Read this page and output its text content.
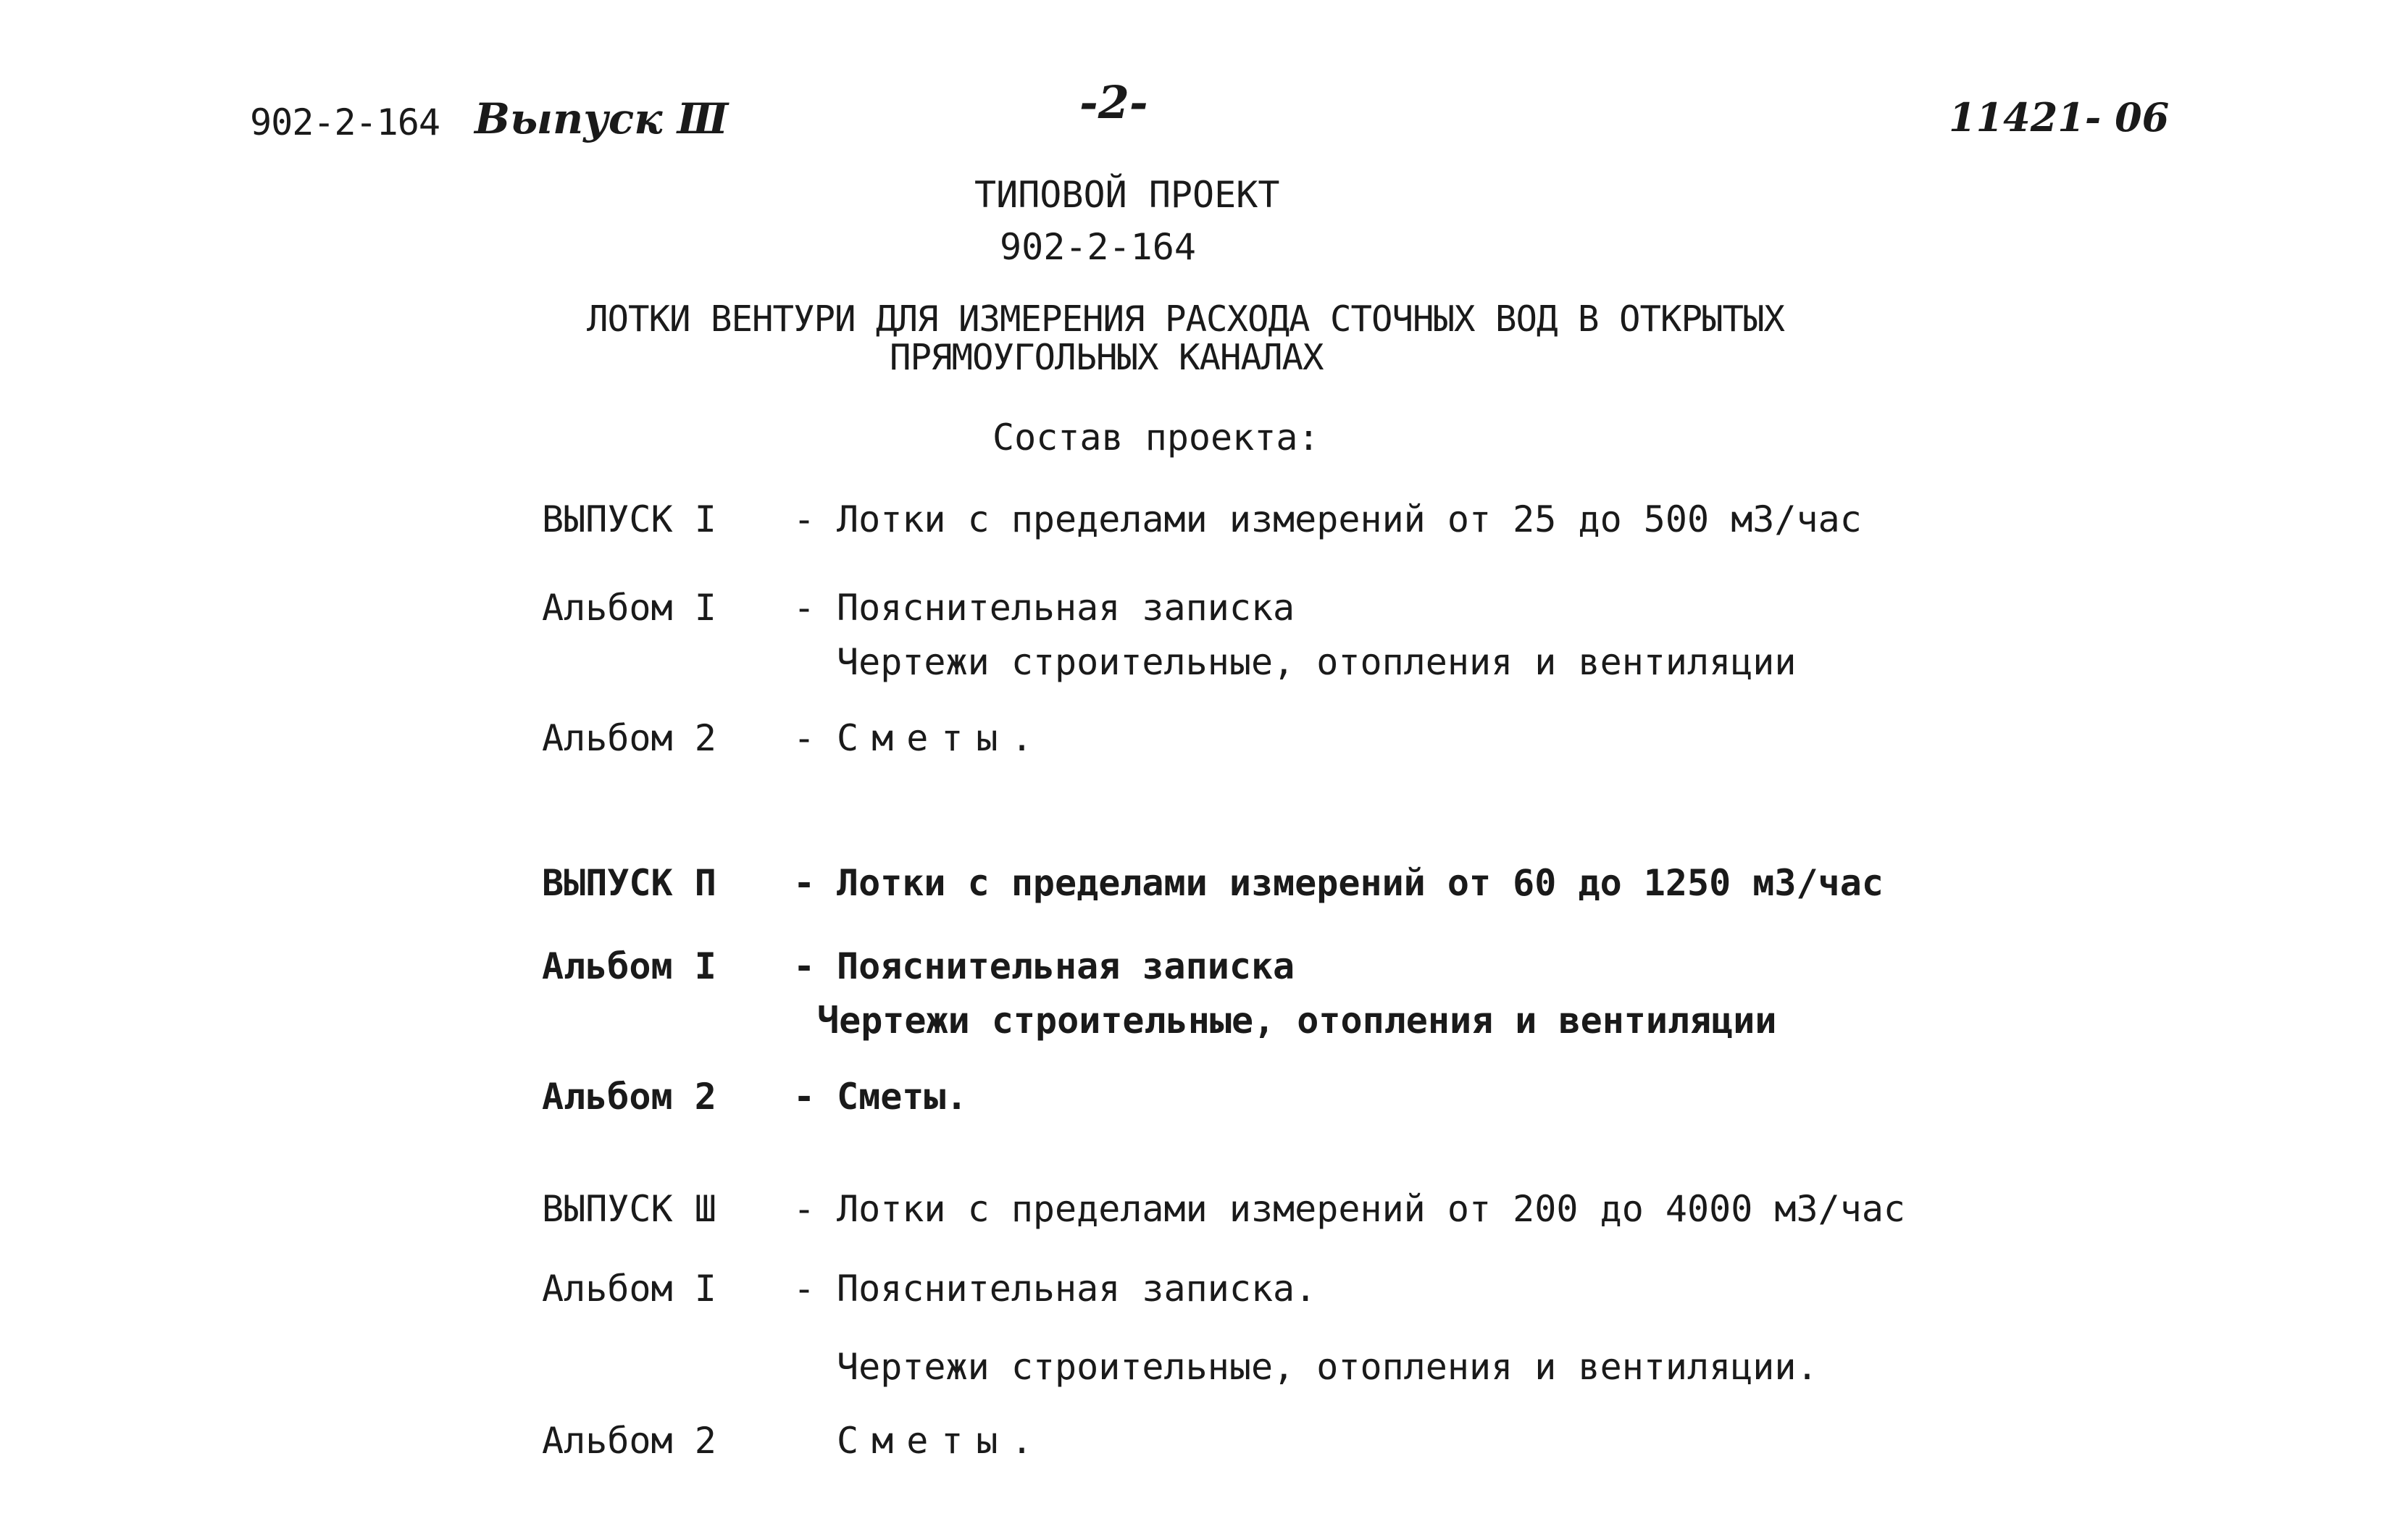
902-2-164 Выпуск Ⅲ	-2-	11421- 06
ТИПОВОЙ ПРОЕКТ
902-2-164
ЛОТКИ ВЕНТУРИ ДЛЯ ИЗМЕРЕНИЯ РАСХОДА СТОЧНЫХ ВОД В ОТКРЫТЫХ
ПРЯМОУГОЛЬНЫХ КАНАЛАХ
Состав проекта:
ВЫПУСК I - Лотки с пределами измерений от 25 до 500 м3/час
Альбом I - Пояснительная записка
Чертежи строительные, отопления и вентиляции
Альбом 2 - Сметы.
ВЫПУСК П - Лотки с пределами измерений от 60 до 1250 м3/час
Альбом I - Пояснительная записка
Чертежи строительные, отопления и вентиляции
Альбом 2 - Сметы.
ВЫПУСК Ш - Лотки с пределами измерений от 200 до 4000 м3/час
Альбом I - Пояснительная записка.
Чертежи строительные, отопления и вентиляции.
Альбом 2	Сметы.
